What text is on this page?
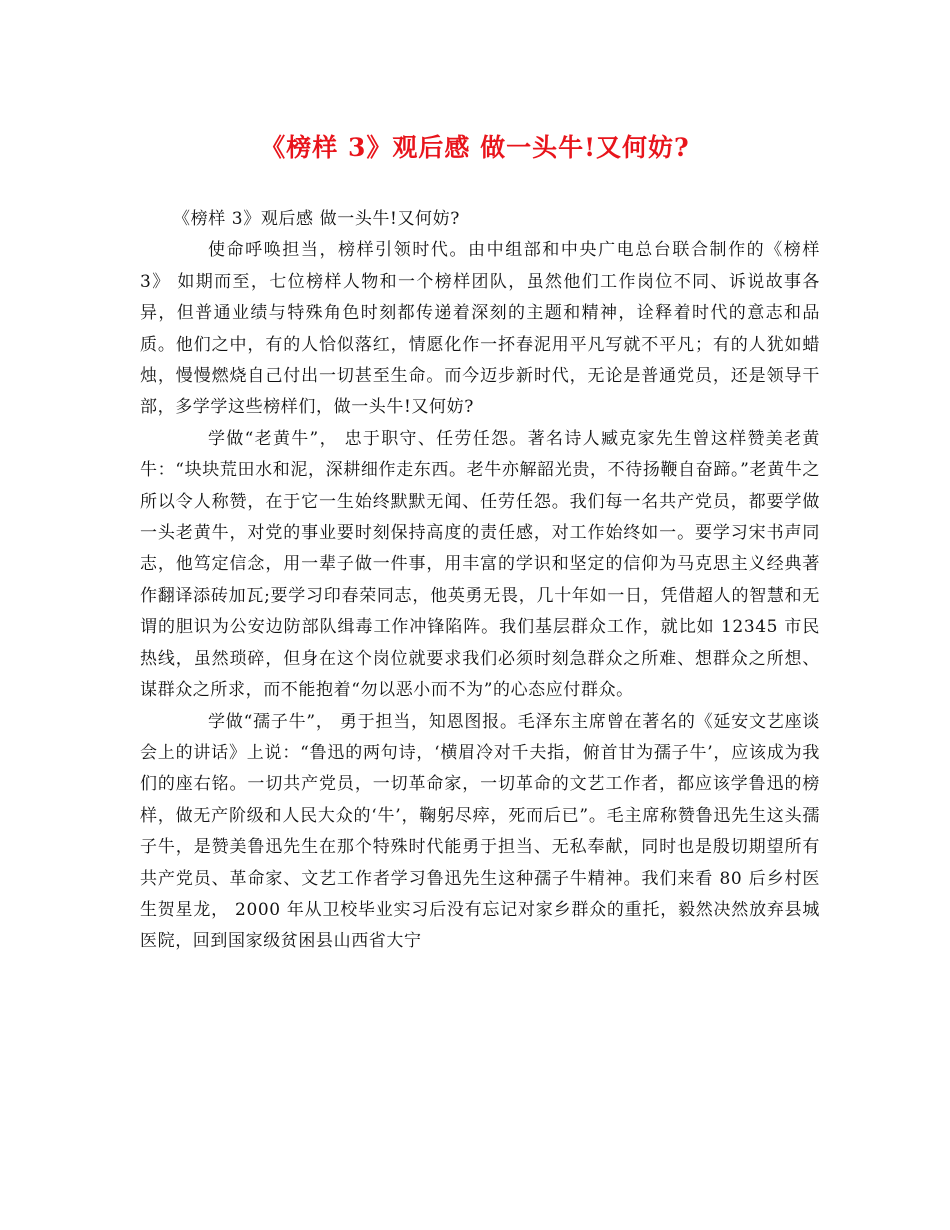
《榜样 3》观后感 做一头牛!又何妨?

《榜样 3》观后感 做一头牛!又何妨?

使命呼唤担当，榜样引领时代。由中组部和中央广电总台联合制作的《榜样 3》 如期而至，七位榜样人物和一个榜样团队，虽然他们工作岗位不同、诉说故事各异，但普通业绩与特殊角色时刻都传递着深刻的主题和精神，诠释着时代的意志和品质。他们之中，有的人恰似落红，情愿化作一抔春泥用平凡写就不平凡；有的人犹如蜡烛，慢慢燃烧自己付出一切甚至生命。而今迈步新时代，无论是普通党员，还是领导干部，多学学这些榜样们，做一头牛!又何妨?

学做“老黄牛”， 忠于职守、任劳任怨。著名诗人臧克家先生曾这样赞美老黄牛：“块块荒田水和泥，深耕细作走东西。老牛亦解韶光贵，不待扬鞭自奋蹄。”老黄牛之所以令人称赞，在于它一生始终默默无闻、任劳任怨。我们每一名共产党员，都要学做一头老黄牛，对党的事业要时刻保持高度的责任感，对工作始终如一。要学习宋书声同志，他笃定信念，用一辈子做一件事，用丰富的学识和坚定的信仰为马克思主义经典著作翻译添砖加瓦;要学习印春荣同志，他英勇无畏，几十年如一日，凭借超人的智慧和无谓的胆识为公安边防部队缉毒工作冲锋陷阵。我们基层群众工作，就比如 12345 市民热线，虽然琐碎，但身在这个岗位就要求我们必须时刻急群众之所难、想群众之所想、谋群众之所求，而不能抱着“勿以恶小而不为”的心态应付群众。

学做“孺子牛”， 勇于担当，知恩图报。毛泽东主席曾在著名的《延安文艺座谈会上的讲话》上说：“鲁迅的两句诗，‘横眉冷对千夫指，俯首甘为孺子牛’，应该成为我们的座右铭。一切共产党员，一切革命家，一切革命的文艺工作者，都应该学鲁迅的榜样，做无产阶级和人民大众的‘牛’，鞠躬尽瘁，死而后已”。毛主席称赞鲁迅先生这头孺子牛，是赞美鲁迅先生在那个特殊时代能勇于担当、无私奉献，同时也是殷切期望所有共产党员、革命家、文艺工作者学习鲁迅先生这种孺子牛精神。我们来看 80 后乡村医生贺星龙， 2000 年从卫校毕业实习后没有忘记对家乡群众的重托，毅然决然放弃县城医院，回到国家级贫困县山西省大宁
